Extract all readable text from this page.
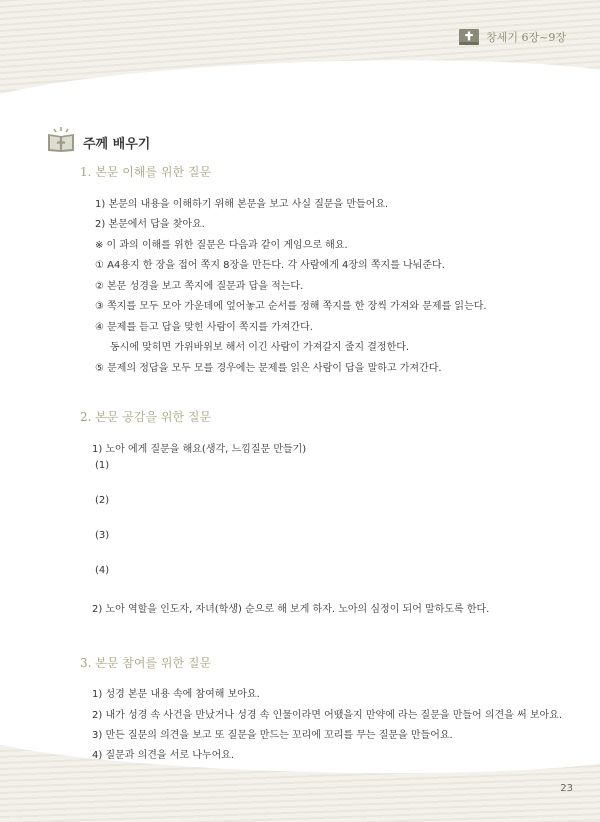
창세기 6장~9장
주께 배우기
1. 본문 이해를 위한 질문
1) 본문의 내용을 이해하기 위해 본문을 보고 사실 질문을 만들어요.
2) 본문에서 답을 찾아요.
※ 이 과의 이해를 위한 질문은 다음과 같이 게임으로 해요.
① A4용지 한 장을 접어 쪽지 8장을 만든다. 각 사람에게 4장의 쪽지를 나눠준다.
② 본문 성경을 보고 쪽지에 질문과 답을 적는다.
③ 쪽지를 모두 모아 가운데에 엎어놓고 순서를 정해 쪽지를 한 장씩 가져와 문제를 읽는다.
④ 문제를 듣고 답을 맞힌 사람이 쪽지를 가져간다.
동시에 맞히면 가위바위보 해서 이긴 사람이 가져갈지 줄지 결정한다.
⑤ 문제의 정답을 모두 모를 경우에는 문제를 읽은 사람이 답을 말하고 가져간다.
2. 본문 공감을 위한 질문
1) 노아 에게 질문을 해요(생각, 느낌질문 만들기)
(1)
(2)
(3)
(4)
2) 노아 역할을 인도자, 자녀(학생) 순으로 해 보게 하자. 노아의 심정이 되어 말하도록 한다.
3. 본문 참여를 위한 질문
1) 성경 본문 내용 속에 참여해 보아요.
2) 내가 성경 속 사건을 만났거나 성경 속 인물이라면 어땠을지 만약에 라는 질문을 만들어 의견을 써 보아요.
3) 만든 질문의 의견을 보고 또 질문을 만드는 꼬리에 꼬리를 무는 질문을 만들어요.
4) 질문과 의견을 서로 나누어요.
23
